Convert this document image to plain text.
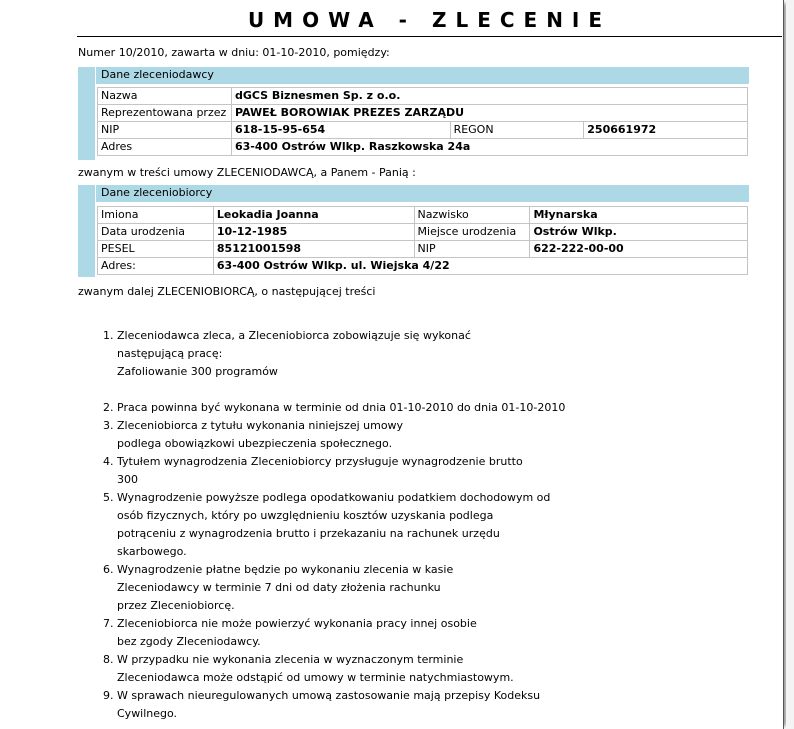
UMOWA - ZLECENIE
Numer 10/2010, zawarta w dniu: 01-10-2010, pomiędzy:
Dane zleceniodawcy
Nazwa	dGCS Biznesmen Sp. z o.o.		
Reprezentowana przez	PAWEŁ BOROWIAK PREZES ZARZĄDU		
NIP	618-15-95-654	REGON	250661972
Adres	63-400 Ostrów Wlkp. Raszkowska 24a		
zwanym w treści umowy ZLECENIODAWCĄ, a Panem - Panią :
Dane zleceniobiorcy
Imiona	Leokadia Joanna	Nazwisko	Młynarska
Data urodzenia	10-12-1985	Miejsce urodzenia	Ostrów Wlkp.
PESEL	85121001598	NIP	622-222-00-00
Adres:	63-400 Ostrów Wlkp. ul. Wiejska 4/22		
zwanym dalej ZLECENIOBIORCĄ, o następującej treści
1. Zleceniodawca zleca, a Zleceniobiorca zobowiązuje się wykonać
następującą pracę:
Zafoliowanie 300 programów
2. Praca powinna być wykonana w terminie od dnia 01-10-2010 do dnia 01-10-2010
3. Zleceniobiorca z tytułu wykonania niniejszej umowy
podlega obowiązkowi ubezpieczenia społecznego.
4. Tytułem wynagrodzenia Zleceniobiorcy przysługuje wynagrodzenie brutto
300
5. Wynagrodzenie powyższe podlega opodatkowaniu podatkiem dochodowym od
osób fizycznych, który po uwzględnieniu kosztów uzyskania podlega
potrąceniu z wynagrodzenia brutto i przekazaniu na rachunek urzędu
skarbowego.
6. Wynagrodzenie płatne będzie po wykonaniu zlecenia w kasie
Zleceniodawcy w terminie 7 dni od daty złożenia rachunku
przez Zleceniobiorcę.
7. Zleceniobiorca nie może powierzyć wykonania pracy innej osobie
bez zgody Zleceniodawcy.
8. W przypadku nie wykonania zlecenia w wyznaczonym terminie
Zleceniodawca może odstąpić od umowy w terminie natychmiastowym.
9. W sprawach nieuregulowanych umową zastosowanie mają przepisy Kodeksu
Cywilnego.
